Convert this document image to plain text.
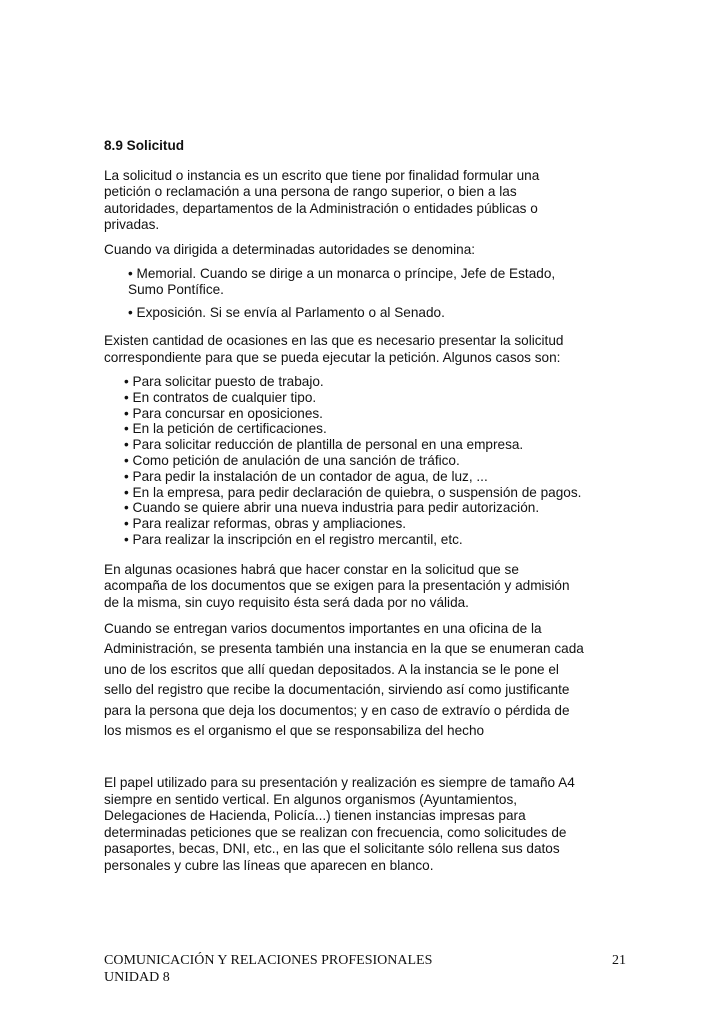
8.9 Solicitud

La solicitud o instancia es un escrito que tiene por finalidad formular una
petición o reclamación a una persona de rango superior, o bien a las
autoridades, departamentos de la Administración o entidades públicas o
privadas.

Cuando va dirigida a determinadas autoridades se denomina:

• Memorial. Cuando se dirige a un monarca o príncipe, Jefe de Estado,
Sumo Pontífice.
• Exposición. Si se envía al Parlamento o al Senado.

Existen cantidad de ocasiones en las que es necesario presentar la solicitud
correspondiente para que se pueda ejecutar la petición. Algunos casos son:

• Para solicitar puesto de trabajo.
• En contratos de cualquier tipo.
• Para concursar en oposiciones.
• En la petición de certificaciones.
• Para solicitar reducción de plantilla de personal en una empresa.
• Como petición de anulación de una sanción de tráfico.
• Para pedir la instalación de un contador de agua, de luz, ...
• En la empresa, para pedir declaración de quiebra, o suspensión de pagos.
• Cuando se quiere abrir una nueva industria para pedir autorización.
• Para realizar reformas, obras y ampliaciones.
• Para realizar la inscripción en el registro mercantil, etc.

En algunas ocasiones habrá que hacer constar en la solicitud que se
acompaña de los documentos que se exigen para la presentación y admisión
de la misma, sin cuyo requisito ésta será dada por no válida.

Cuando se entregan varios documentos importantes en una oficina de la
Administración, se presenta también una instancia en la que se enumeran cada
uno de los escritos que allí quedan depositados. A la instancia se le pone el
sello del registro que recibe la documentación, sirviendo así como justificante
para la persona que deja los documentos; y en caso de extravío o pérdida de
los mismos es el organismo el que se responsabiliza del hecho

El papel utilizado para su presentación y realización es siempre de tamaño A4
siempre en sentido vertical. En algunos organismos (Ayuntamientos,
Delegaciones de Hacienda, Policía...) tienen instancias impresas para
determinadas peticiones que se realizan con frecuencia, como solicitudes de
pasaportes, becas, DNI, etc., en las que el solicitante sólo rellena sus datos
personales y cubre las líneas que aparecen en blanco.

COMUNICACIÓN Y RELACIONES PROFESIONALES	21
UNIDAD 8
